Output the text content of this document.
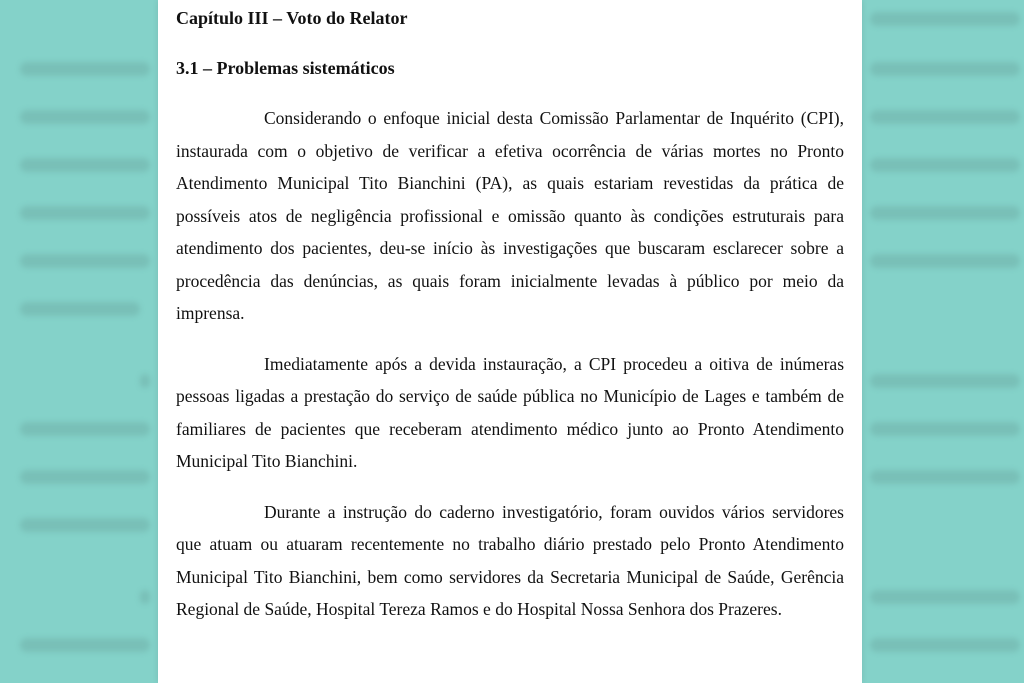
Capítulo III – Voto do Relator

3.1 – Problemas sistemáticos

Considerando o enfoque inicial desta Comissão Parlamentar de Inquérito (CPI), instaurada com o objetivo de verificar a efetiva ocorrência de várias mortes no Pronto Atendimento Municipal Tito Bianchini (PA), as quais estariam revestidas da prática de possíveis atos de negligência profissional e omissão quanto às condições estruturais para atendimento dos pacientes, deu-se início às investigações que buscaram esclarecer sobre a procedência das denúncias, as quais foram inicialmente levadas à público por meio da imprensa.

Imediatamente após a devida instauração, a CPI procedeu a oitiva de inúmeras pessoas ligadas a prestação do serviço de saúde pública no Município de Lages e também de familiares de pacientes que receberam atendimento médico junto ao Pronto Atendimento Municipal Tito Bianchini.

Durante a instrução do caderno investigatório, foram ouvidos vários servidores que atuam ou atuaram recentemente no trabalho diário prestado pelo Pronto Atendimento Municipal Tito Bianchini, bem como servidores da Secretaria Municipal de Saúde, Gerência Regional de Saúde, Hospital Tereza Ramos e do Hospital Nossa Senhora dos Prazeres.
